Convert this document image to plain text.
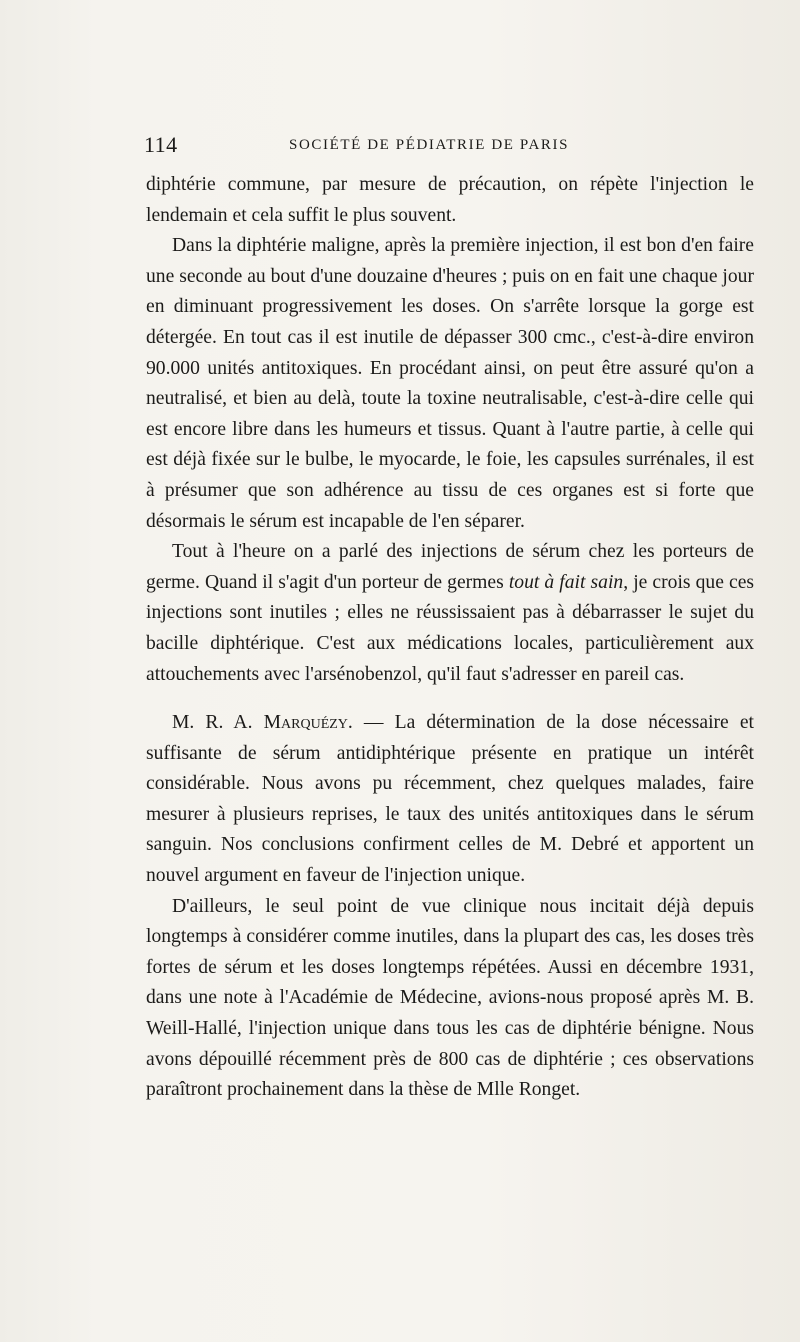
114	SOCIÉTÉ DE PÉDIATRIE DE PARIS

diphtérie commune, par mesure de précaution, on répète l'injection le lendemain et cela suffit le plus souvent.

Dans la diphtérie maligne, après la première injection, il est bon d'en faire une seconde au bout d'une douzaine d'heures ; puis on en fait une chaque jour en diminuant progressivement les doses. On s'arrête lorsque la gorge est détergée. En tout cas il est inutile de dépasser 300 cmc., c'est-à-dire environ 90.000 unités antitoxiques. En procédant ainsi, on peut être assuré qu'on a neutralisé, et bien au delà, toute la toxine neutralisable, c'est-à-dire celle qui est encore libre dans les humeurs et tissus. Quant à l'autre partie, à celle qui est déjà fixée sur le bulbe, le myocarde, le foie, les capsules surrénales, il est à présumer que son adhérence au tissu de ces organes est si forte que désormais le sérum est incapable de l'en séparer.

Tout à l'heure on a parlé des injections de sérum chez les porteurs de germe. Quand il s'agit d'un porteur de germes tout à fait sain, je crois que ces injections sont inutiles ; elles ne réussissaient pas à débarrasser le sujet du bacille diphtérique. C'est aux médications locales, particulièrement aux attouchements avec l'arsénobenzol, qu'il faut s'adresser en pareil cas.

M. R. A. Marquézy. — La détermination de la dose nécessaire et suffisante de sérum antidiphtérique présente en pratique un intérêt considérable. Nous avons pu récemment, chez quelques malades, faire mesurer à plusieurs reprises, le taux des unités antitoxiques dans le sérum sanguin. Nos conclusions confirment celles de M. Debré et apportent un nouvel argument en faveur de l'injection unique.

D'ailleurs, le seul point de vue clinique nous incitait déjà depuis longtemps à considérer comme inutiles, dans la plupart des cas, les doses très fortes de sérum et les doses longtemps répétées. Aussi en décembre 1931, dans une note à l'Académie de Médecine, avions-nous proposé après M. B. Weill-Hallé, l'injection unique dans tous les cas de diphtérie bénigne. Nous avons dépouillé récemment près de 800 cas de diphtérie ; ces observations paraîtront prochainement dans la thèse de Mlle Ronget.
